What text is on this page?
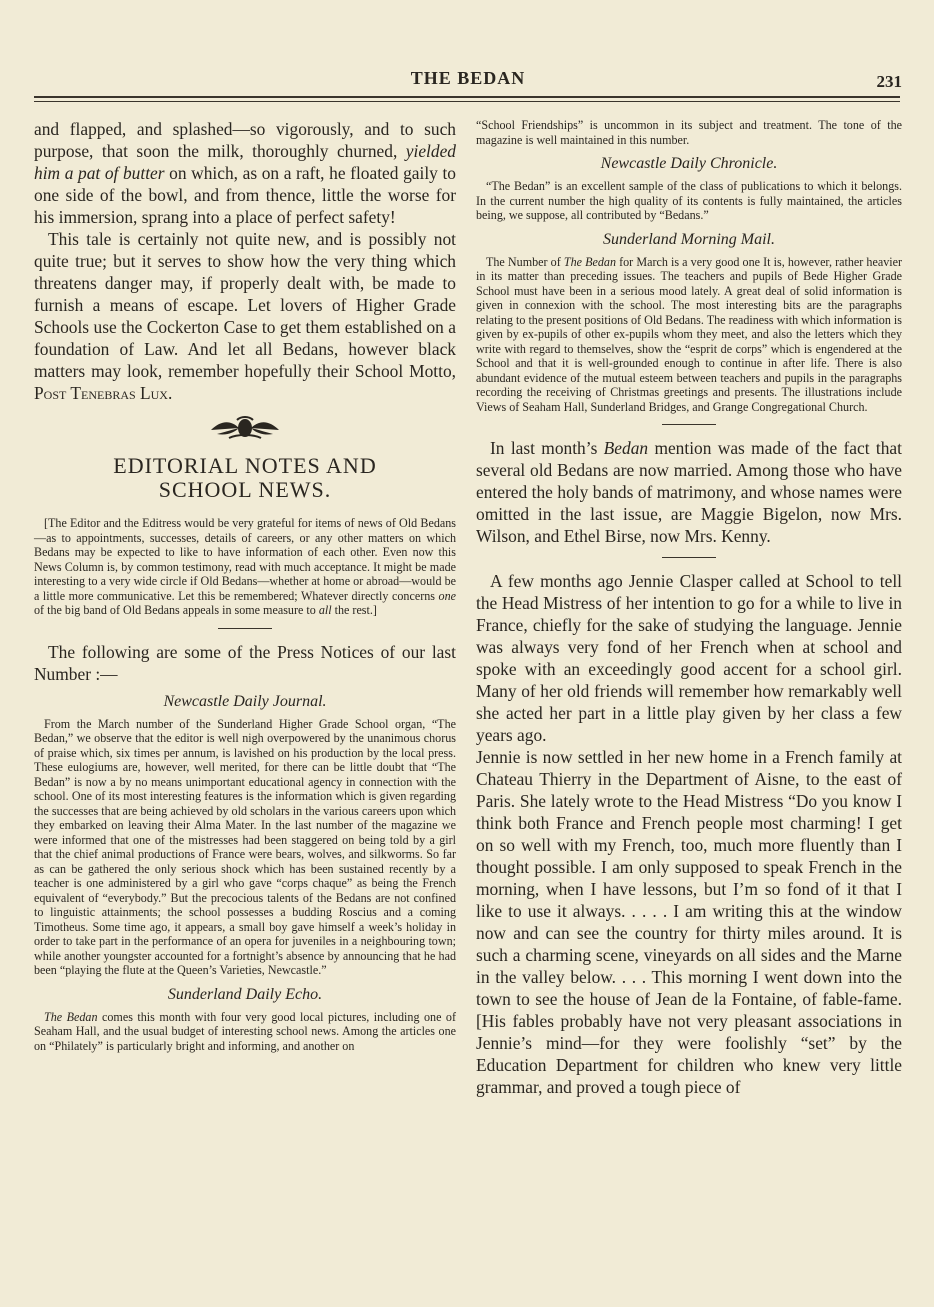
THE BEDAN	231

and flapped, and splashed—so vigorously, and to such purpose, that soon the milk, thoroughly churned, yielded him a pat of butter on which, as on a raft, he floated gaily to one side of the bowl, and from thence, little the worse for his immersion, sprang into a place of perfect safety!

This tale is certainly not quite new, and is possibly not quite true; but it serves to show how the very thing which threatens danger may, if properly dealt with, be made to furnish a means of escape. Let lovers of Higher Grade Schools use the Cockerton Case to get them established on a foundation of Law. And let all Bedans, however black matters may look, remember hopefully their School Motto, Post Tenebras Lux.

EDITORIAL NOTES AND
SCHOOL NEWS.

[The Editor and the Editress would be very grateful for items of news of Old Bedans—as to appointments, successes, details of careers, or any other matters on which Bedans may be expected to like to have information of each other. Even now this News Column is, by common testimony, read with much acceptance. It might be made interesting to a very wide circle if Old Bedans—whether at home or abroad—would be a little more communicative. Let this be remembered; Whatever directly concerns one of the big band of Old Bedans appeals in some measure to all the rest.]

The following are some of the Press Notices of our last Number :—

Newcastle Daily Journal.

From the March number of the Sunderland Higher Grade School organ, “The Bedan,” we observe that the editor is well nigh overpowered by the unanimous chorus of praise which, six times per annum, is lavished on his production by the local press. These eulogiums are, however, well merited, for there can be little doubt that “The Bedan” is now a by no means unimportant educational agency in connection with the school. One of its most interesting features is the information which is given regarding the successes that are being achieved by old scholars in the various careers upon which they embarked on leaving their Alma Mater. In the last number of the magazine we were informed that one of the mistresses had been staggered on being told by a girl that the chief animal productions of France were bears, wolves, and silkworms. So far as can be gathered the only serious shock which has been sustained recently by a teacher is one administered by a girl who gave “corps chaque” as being the French equivalent of “everybody.” But the precocious talents of the Bedans are not confined to linguistic attainments; the school possesses a budding Roscius and a coming Timotheus. Some time ago, it appears, a small boy gave himself a week’s holiday in order to take part in the performance of an opera for juveniles in a neighbouring town; while another youngster accounted for a fortnight’s absence by announcing that he had been “playing the flute at the Queen’s Varieties, Newcastle.”

Sunderland Daily Echo.

The Bedan comes this month with four very good local pictures, including one of Seaham Hall, and the usual budget of interesting school news. Among the articles one on “Philately” is particularly bright and informing, and another on

“School Friendships” is uncommon in its subject and treatment. The tone of the magazine is well maintained in this number.

Newcastle Daily Chronicle.

“The Bedan” is an excellent sample of the class of publications to which it belongs. In the current number the high quality of its contents is fully maintained, the articles being, we suppose, all contributed by “Bedans.”

Sunderland Morning Mail.

The Number of The Bedan for March is a very good one It is, however, rather heavier in its matter than preceding issues. The teachers and pupils of Bede Higher Grade School must have been in a serious mood lately. A great deal of solid information is given in connexion with the school. The most interesting bits are the paragraphs relating to the present positions of Old Bedans. The readiness with which information is given by ex-pupils of other ex-pupils whom they meet, and also the letters which they write with regard to themselves, show the “esprit de corps” which is engendered at the School and that it is well-grounded enough to continue in after life. There is also abundant evidence of the mutual esteem between teachers and pupils in the paragraphs recording the receiving of Christmas greetings and presents. The illustrations include Views of Seaham Hall, Sunderland Bridges, and Grange Congregational Church.

In last month’s Bedan mention was made of the fact that several old Bedans are now married. Among those who have entered the holy bands of matrimony, and whose names were omitted in the last issue, are Maggie Bigelon, now Mrs. Wilson, and Ethel Birse, now Mrs. Kenny.

A few months ago Jennie Clasper called at School to tell the Head Mistress of her intention to go for a while to live in France, chiefly for the sake of studying the language. Jennie was always very fond of her French when at school and spoke with an exceedingly good accent for a school girl. Many of her old friends will remember how remarkably well she acted her part in a little play given by her class a few years ago.

Jennie is now settled in her new home in a French family at Chateau Thierry in the Department of Aisne, to the east of Paris. She lately wrote to the Head Mistress “Do you know I think both France and French people most charming! I get on so well with my French, too, much more fluently than I thought possible. I am only supposed to speak French in the morning, when I have lessons, but I’m so fond of it that I like to use it always. . . . . I am writing this at the window now and can see the country for thirty miles around. It is such a charming scene, vineyards on all sides and the Marne in the valley below. . . . This morning I went down into the town to see the house of Jean de la Fontaine, of fable-fame. [His fables probably have not very pleasant associations in Jennie’s mind—for they were foolishly “set” by the Education Department for children who knew very little grammar, and proved a tough piece of
